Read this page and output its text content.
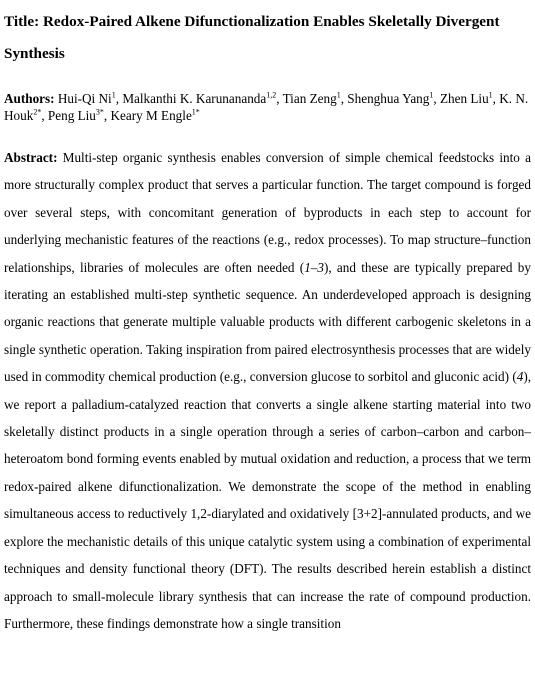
Title: Redox-Paired Alkene Difunctionalization Enables Skeletally Divergent Synthesis

Authors: Hui-Qi Ni$^1$, Malkanthi K. Karunananda$^{1,2}$, Tian Zeng$^1$, Shenghua Yang$^1$, Zhen Liu$^1$, K. N. Houk$^{2*}$, Peng Liu$^{3*}$, Keary M Engle$^{1*}$

Abstract: Multi-step organic synthesis enables conversion of simple chemical feedstocks into a more structurally complex product that serves a particular function. The target compound is forged over several steps, with concomitant generation of byproducts in each step to account for underlying mechanistic features of the reactions (e.g., redox processes). To map structure–function relationships, libraries of molecules are often needed (1–3), and these are typically prepared by iterating an established multi-step synthetic sequence. An underdeveloped approach is designing organic reactions that generate multiple valuable products with different carbogenic skeletons in a single synthetic operation. Taking inspiration from paired electrosynthesis processes that are widely used in commodity chemical production (e.g., conversion glucose to sorbitol and gluconic acid) (4), we report a palladium-catalyzed reaction that converts a single alkene starting material into two skeletally distinct products in a single operation through a series of carbon–carbon and carbon–heteroatom bond forming events enabled by mutual oxidation and reduction, a process that we term redox-paired alkene difunctionalization. We demonstrate the scope of the method in enabling simultaneous access to reductively 1,2-diarylated and oxidatively [3+2]-annulated products, and we explore the mechanistic details of this unique catalytic system using a combination of experimental techniques and density functional theory (DFT). The results described herein establish a distinct approach to small-molecule library synthesis that can increase the rate of compound production. Furthermore, these findings demonstrate how a single transition
